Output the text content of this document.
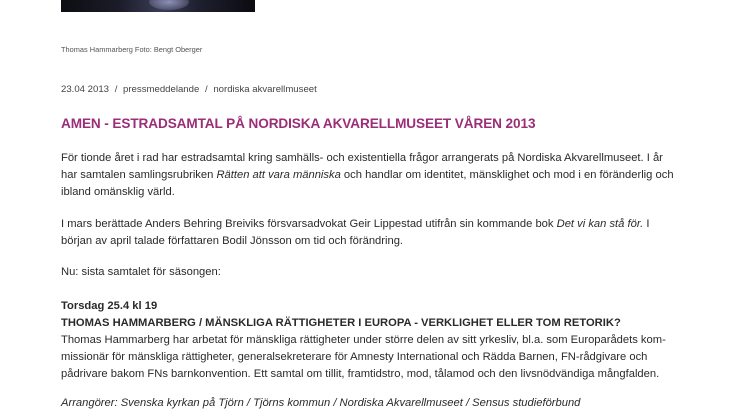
Thomas Hammarberg Foto: Bengt Oberger
23.04 2013 / pressmeddelande / nordiska akvarellmuseet
AMEN - ESTRADSAMTAL PÅ NORDISKA AKVARELLMUSEET VÅREN 2013

För tionde året i rad har estradsamtal kring samhälls- och existentiella frågor arrangerats på Nordiska Akvarellmuseet. I år
har samtalen samlingsrubriken Rätten att vara människa och handlar om identitet, mänsklighet och mod i en föränderlig och
ibland omänsklig värld.

I mars berättade Anders Behring Breiviks försvarsadvokat Geir Lippestad utifrån sin kommande bok Det vi kan stå för. I
början av april talade författaren Bodil Jönsson om tid och förändring.

Nu: sista samtalet för säsongen:

Torsdag 25.4 kl 19
THOMAS HAMMARBERG / MÄNSKLIGA RÄTTIGHETER I EUROPA - VERKLIGHET ELLER TOM RETORIK?
Thomas Hammarberg har arbetat för mänskliga rättigheter under större delen av sitt yrkesliv, bl.a. som Europarådets kom-
missionär för mänskliga rättigheter, generalsekreterare för Amnesty International och Rädda Barnen, FN-rådgivare och
pådrivare bakom FNs barnkonvention. Ett samtal om tillit, framtidstro, mod, tålamod och den livsnödvändiga mångfalden.

Arrangörer: Svenska kyrkan på Tjörn / Tjörns kommun / Nordiska Akvarellmuseet / Sensus studieförbund
